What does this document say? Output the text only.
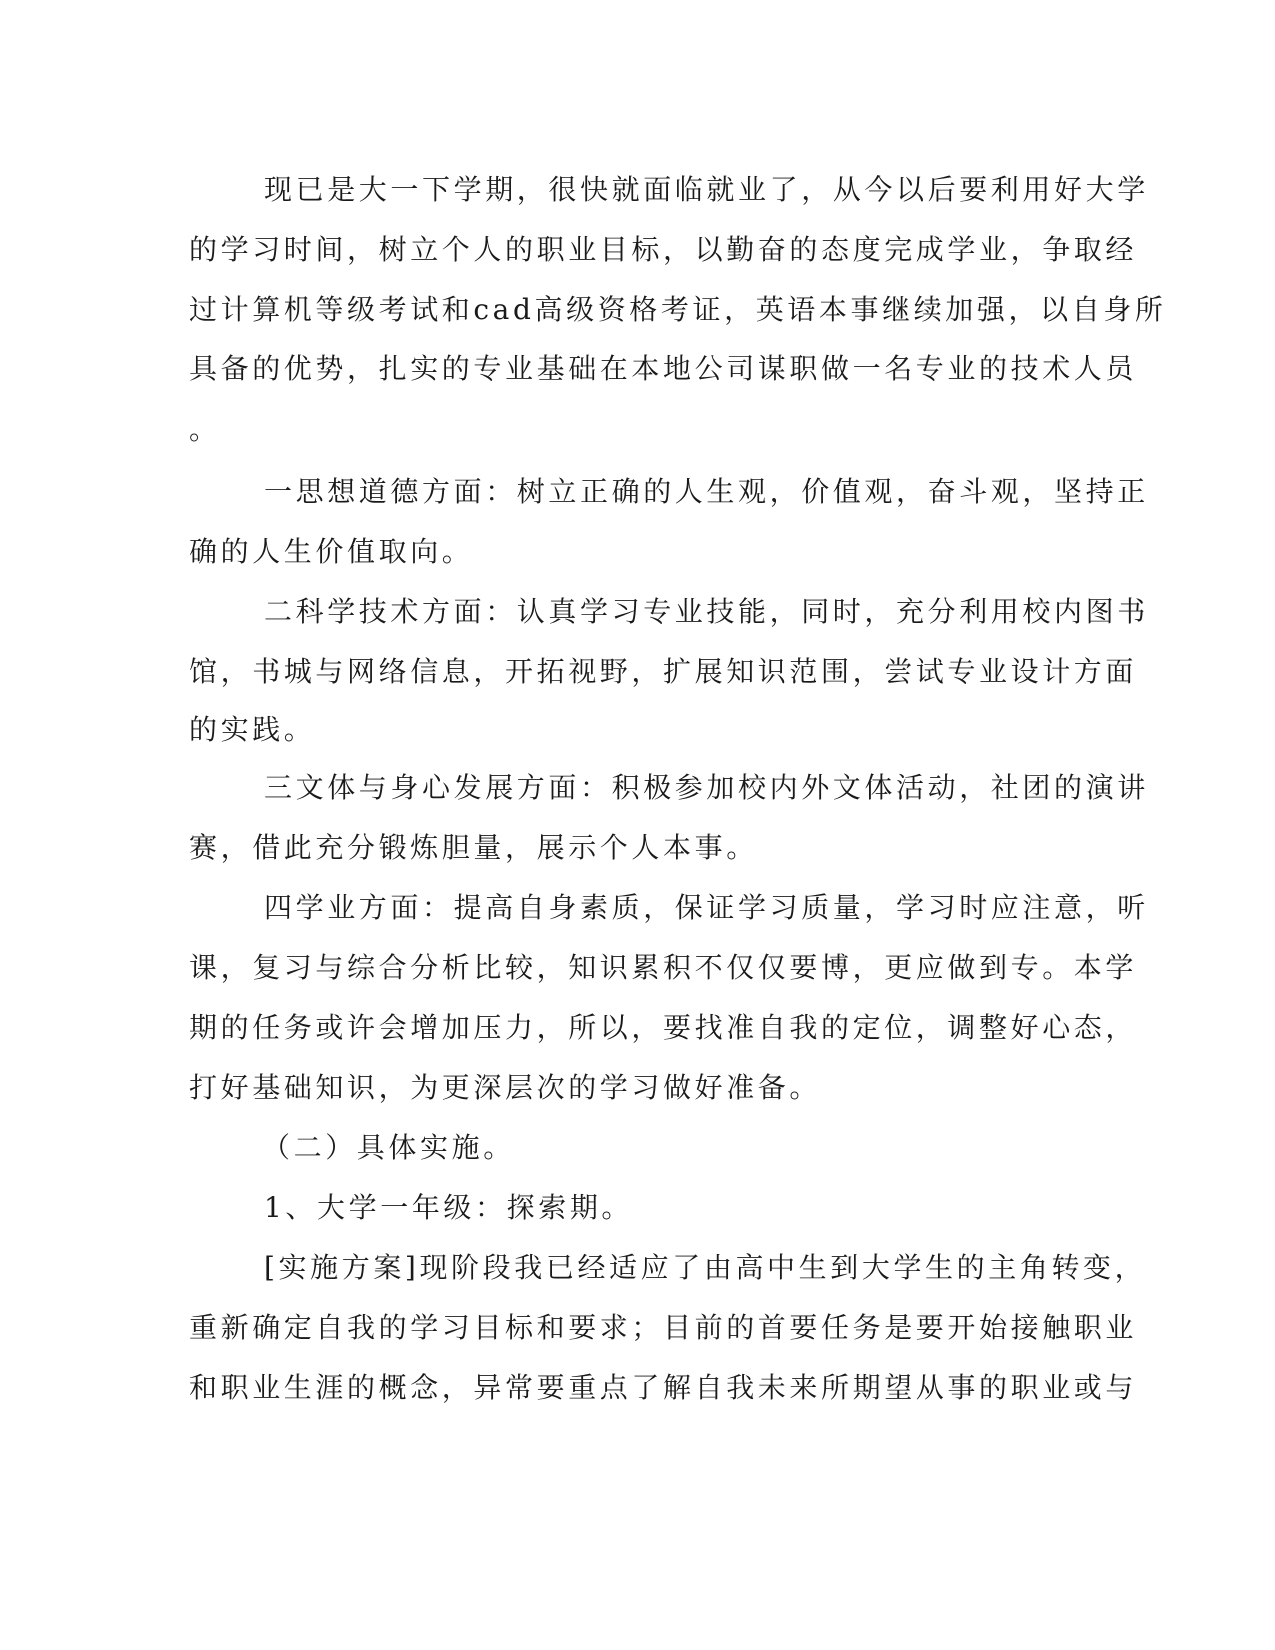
现已是大一下学期，很快就面临就业了，从今以后要利用好大学
的学习时间，树立个人的职业目标，以勤奋的态度完成学业，争取经
过计算机等级考试和cad高级资格考证，英语本事继续加强，以自身所
具备的优势，扎实的专业基础在本地公司谋职做一名专业的技术人员
。
一思想道德方面：树立正确的人生观，价值观，奋斗观，坚持正
确的人生价值取向。
二科学技术方面：认真学习专业技能，同时，充分利用校内图书
馆，书城与网络信息，开拓视野，扩展知识范围，尝试专业设计方面
的实践。
三文体与身心发展方面：积极参加校内外文体活动，社团的演讲
赛，借此充分锻炼胆量，展示个人本事。
四学业方面：提高自身素质，保证学习质量，学习时应注意，听
课，复习与综合分析比较，知识累积不仅仅要博，更应做到专。本学
期的任务或许会增加压力，所以，要找准自我的定位，调整好心态，
打好基础知识，为更深层次的学习做好准备。
（二）具体实施。
1、大学一年级：探索期。
[实施方案]现阶段我已经适应了由高中生到大学生的主角转变，
重新确定自我的学习目标和要求；目前的首要任务是要开始接触职业
和职业生涯的概念，异常要重点了解自我未来所期望从事的职业或与
